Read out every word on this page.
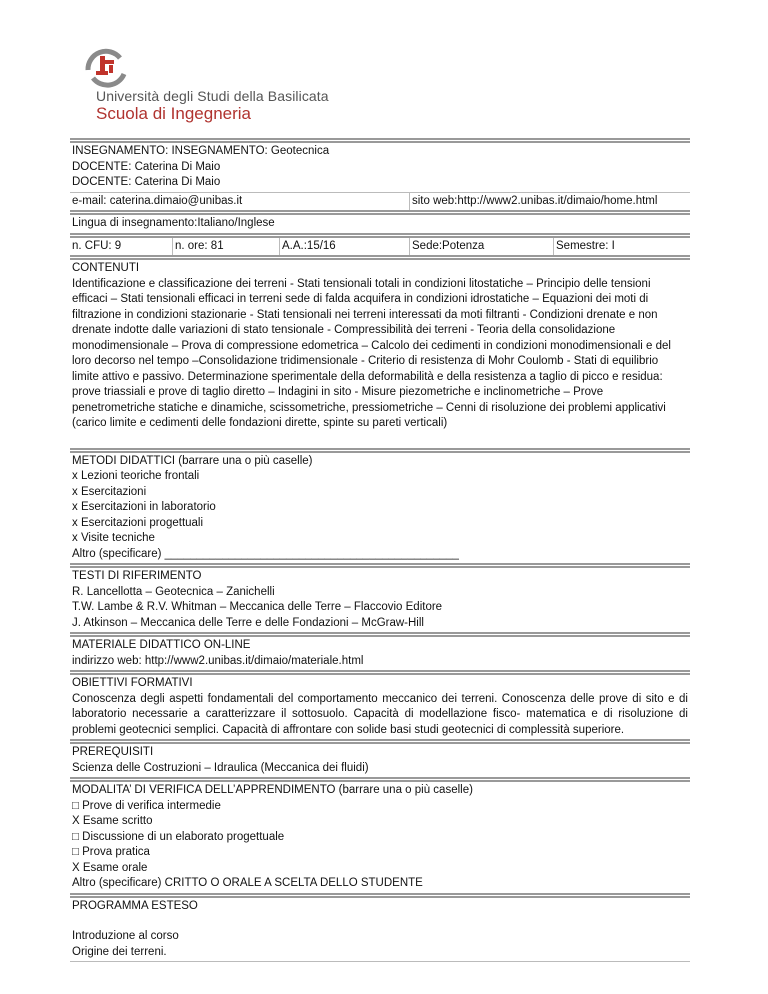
Università degli Studi della Basilicata
Scuola di Ingegneria

INSEGNAMENTO: INSEGNAMENTO: Geotecnica

DOCENTE: Caterina Di Maio

DOCENTE: Caterina Di Maio

e-mail: caterina.dimaio@unibas.it	sito web:http://www2.unibas.it/dimaio/home.html
Lingua di insegnamento:Italiano/Inglese
n. CFU: 9	n. ore: 81	A.A.:15/16	Sede:Potenza	Semestre: I

CONTENUTI

Identificazione e classificazione dei terreni - Stati tensionali totali in condizioni litostatiche – Principio delle tensioni efficaci – Stati tensionali efficaci in terreni sede di falda acquifera in condizioni idrostatiche – Equazioni dei moti di filtrazione in condizioni stazionarie - Stati tensionali nei terreni interessati da moti filtranti - Condizioni drenate e non drenate indotte dalle variazioni di stato tensionale - Compressibilità dei terreni - Teoria della consolidazione monodimensionale – Prova di compressione edometrica – Calcolo dei cedimenti in condizioni monodimensionali e del loro decorso nel tempo –Consolidazione tridimensionale - Criterio di resistenza di Mohr Coulomb - Stati di equilibrio limite attivo e passivo. Determinazione sperimentale della deformabilità e della resistenza a taglio di picco e residua: prove triassiali e prove di taglio diretto – Indagini in sito - Misure piezometriche e inclinometriche – Prove penetrometriche statiche e dinamiche, scissometriche, pressiometriche – Cenni di risoluzione dei problemi applicativi (carico limite e cedimenti delle fondazioni dirette, spinte su pareti verticali)

METODI DIDATTICI (barrare una o più caselle)

x Lezioni teoriche frontali

x Esercitazioni

x Esercitazioni in laboratorio

x Esercitazioni progettuali

x Visite tecniche

Altro (specificare) ______________________________________________

TESTI DI RIFERIMENTO

R. Lancellotta – Geotecnica – Zanichelli

T.W. Lambe & R.V. Whitman – Meccanica delle Terre – Flaccovio Editore

J. Atkinson – Meccanica delle Terre e delle Fondazioni – McGraw-Hill

MATERIALE DIDATTICO ON-LINE

indirizzo web: http://www2.unibas.it/dimaio/materiale.html

OBIETTIVI FORMATIVI

Conoscenza degli aspetti fondamentali del comportamento meccanico dei terreni. Conoscenza delle prove di sito e di laboratorio necessarie a caratterizzare il sottosuolo. Capacità di modellazione fisco- matematica e di risoluzione di problemi geotecnici semplici. Capacità di affrontare con solide basi studi geotecnici di complessità superiore.

PREREQUISITI

Scienza delle Costruzioni – Idraulica (Meccanica dei fluidi)

MODALITA’ DI VERIFICA DELL’APPRENDIMENTO (barrare una o più caselle)

□ Prove di verifica intermedie

X Esame scritto

□ Discussione di un elaborato progettuale

□ Prova pratica

X Esame orale

Altro (specificare) CRITTO O ORALE A SCELTA DELLO STUDENTE

PROGRAMMA ESTESO

Introduzione al corso

Origine dei terreni.
